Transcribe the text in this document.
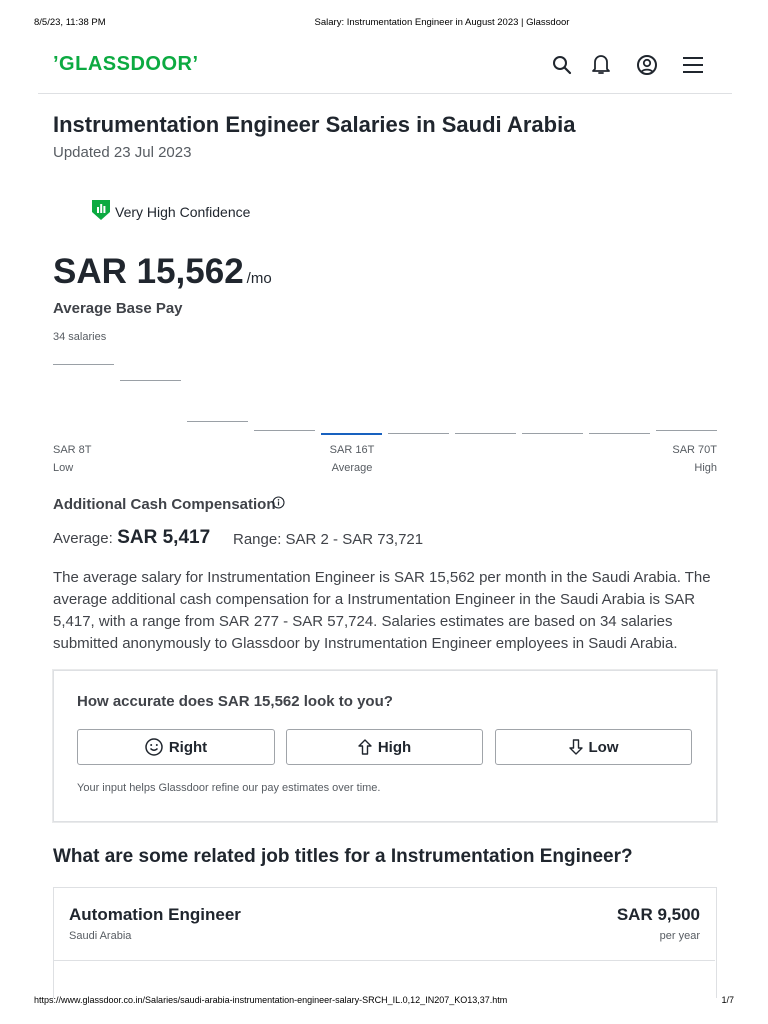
8/5/23, 11:38 PM	Salary: Instrumentation Engineer in August 2023 | Glassdoor
’GLASSDOOR’
Instrumentation Engineer Salaries in Saudi Arabia
Updated 23 Jul 2023
Very High Confidence
SAR 15,562 /mo
Average Base Pay
34 salaries
SAR 8T
Low
SAR 16T
Average
SAR 70T
High
Additional Cash Compensation
Average: SAR 5,417 Range: SAR 2 - SAR 73,721
The average salary for Instrumentation Engineer is SAR 15,562 per month in the Saudi Arabia. The average additional cash compensation for a Instrumentation Engineer in the Saudi Arabia is SAR 5,417, with a range from SAR 277 - SAR 57,724. Salaries estimates are based on 34 salaries submitted anonymously to Glassdoor by Instrumentation Engineer employees in Saudi Arabia.
How accurate does SAR 15,562 look to you?
Right	High	Low
Your input helps Glassdoor refine our pay estimates over time.
What are some related job titles for a Instrumentation Engineer?
Automation Engineer
Saudi Arabia
SAR 9,500
per year
https://www.glassdoor.co.in/Salaries/saudi-arabia-instrumentation-engineer-salary-SRCH_IL.0,12_IN207_KO13,37.htm	1/7
